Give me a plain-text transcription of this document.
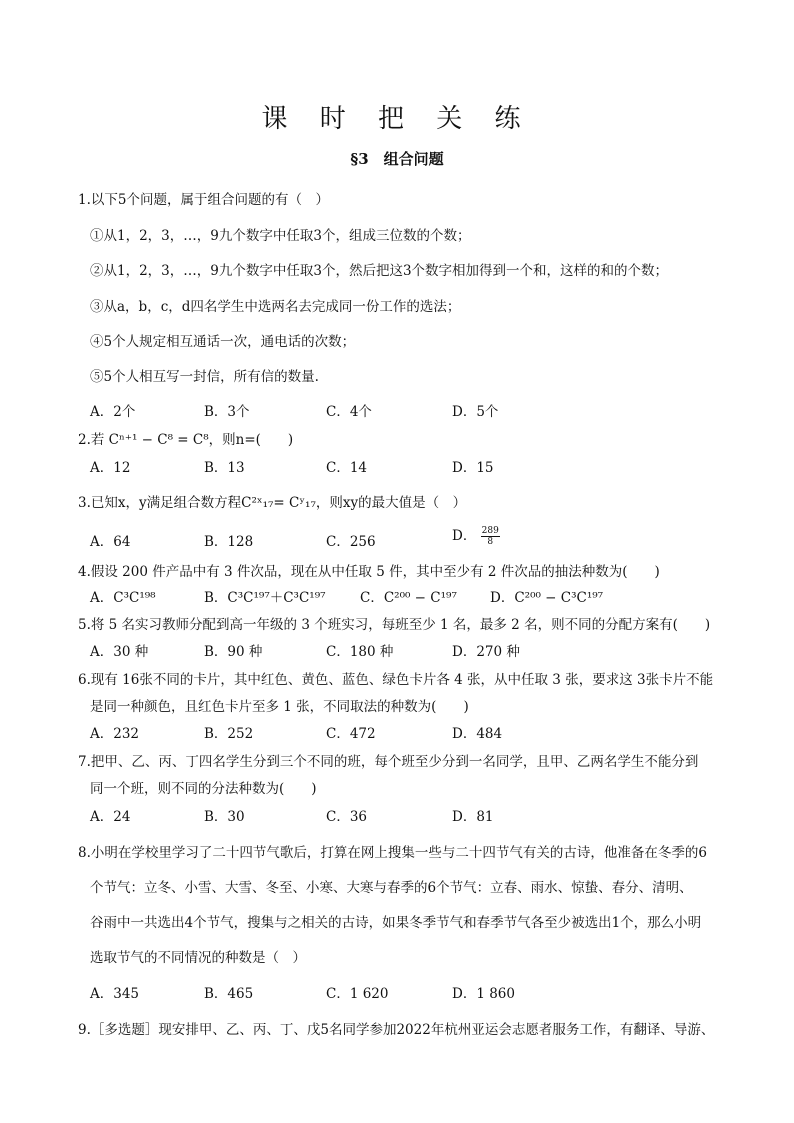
课 时 把 关 练
§3　组合问题
1.以下5个问题，属于组合问题的有（　）
①从1，2，3，…，9九个数字中任取3个，组成三位数的个数；
②从1，2，3，…，9九个数字中任取3个，然后把这3个数字相加得到一个和，这样的和的个数；
③从a，b，c，d四名学生中选两名去完成同一份工作的选法；
④5个人规定相互通话一次，通电话的次数；
⑤5个人相互写一封信，所有信的数量.
A．2个	B．3个	C．4个	D．5个
2.若 Cⁿ⁺¹ − C⁸ = C⁸，则n=(　　)
A．12	B．13	C．14	D．15
3.已知x，y满足组合数方程C²ˣ₁₇= Cʸ₁₇，则xy的最大值是（　）
A．64	B．128	C．256	D． $\frac{289}{8}$
4.假设 200 件产品中有 3 件次品，现在从中任取 5 件，其中至少有 2 件次品的抽法种数为(　　)
A．C³C¹⁹⁸	B．C³C¹⁹⁷＋C³C¹⁹⁷	C．C²⁰⁰ − C¹⁹⁷ D．C²⁰⁰ − C³C¹⁹⁷
5.将 5 名实习教师分配到高一年级的 3 个班实习，每班至少 1 名，最多 2 名，则不同的分配方案有(　　)
A．30 种	B．90 种	C．180 种	D．270 种
6.现有 16张不同的卡片，其中红色、黄色、蓝色、绿色卡片各 4 张，从中任取 3 张，要求这 3张卡片不能
是同一种颜色，且红色卡片至多 1 张，不同取法的种数为(　　)
A．232	B．252	C．472	D．484
7.把甲、乙、丙、丁四名学生分到三个不同的班，每个班至少分到一名同学，且甲、乙两名学生不能分到
同一个班，则不同的分法种数为(　　)
A．24	B．30	C．36	D．81
8.小明在学校里学习了二十四节气歌后，打算在网上搜集一些与二十四节气有关的古诗，他准备在冬季的6
个节气：立冬、小雪、大雪、冬至、小寒、大寒与春季的6个节气：立春、雨水、惊蛰、春分、清明、
谷雨中一共选出4个节气，搜集与之相关的古诗，如果冬季节气和春季节气各至少被选出1个，那么小明
选取节气的不同情况的种数是（　）
A．345	B．465	C．1 620	D．1 860
9.［多选题］现安排甲、乙、丙、丁、戊5名同学参加2022年杭州亚运会志愿者服务工作，有翻译、导游、
